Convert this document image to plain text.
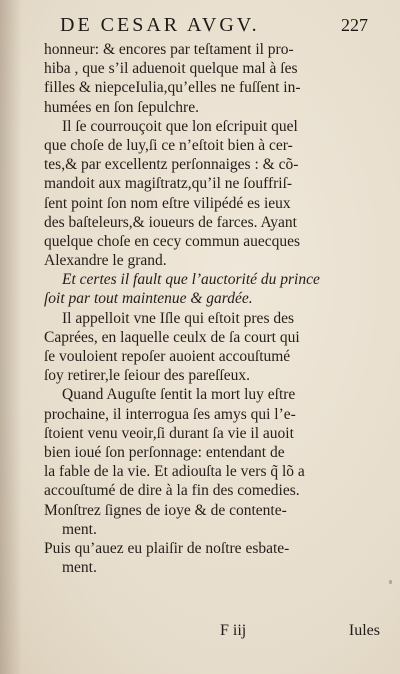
DE CESAR AVGV.	227
honneur: & encores par teſtament il pro-
hiba , que s’il aduenoit quelque mal à ſes
filles & niepceIulia,qu’elles ne fuſſent in-
humées en ſon ſepulchre.
Il ſe courrouçoit que lon eſcripuit quel
que choſe de luy,ſi ce n’eſtoit bien à cer-
tes,& par excellentz perſonnaiges : & cõ-
mandoit aux magiſtratz,qu’il ne ſouffriſ-
ſent point ſon nom eſtre vilipédé es ieux
des baſteleurs,& ioueurs de farces. Ayant
quelque choſe en cecy commun auecques
Alexandre le grand.
Et certes il fault que l’auctorité du prince
ſoit par tout maintenue & gardée.
Il appelloit vne Iſle qui eſtoit pres des
Caprées, en laquelle ceulx de ſa court qui
ſe vouloient repoſer auoient accouſtumé
ſoy retirer,le ſeiour des pareſſeux.
Quand Auguſte ſentit la mort luy eſtre
prochaine, il interrogua ſes amys qui l’e-
ſtoient venu veoir,ſi durant ſa vie il auoit
bien ioué ſon perſonnage: entendant de
la fable de la vie. Et adiouſta le vers q̃ lõ a
accouſtumé de dire à la fin des comedies.
Monſtrez ſignes de ioye & de contente-
ment.
Puis qu’auez eu plaiſir de noſtre esbate-
ment.
F iij	Iules
